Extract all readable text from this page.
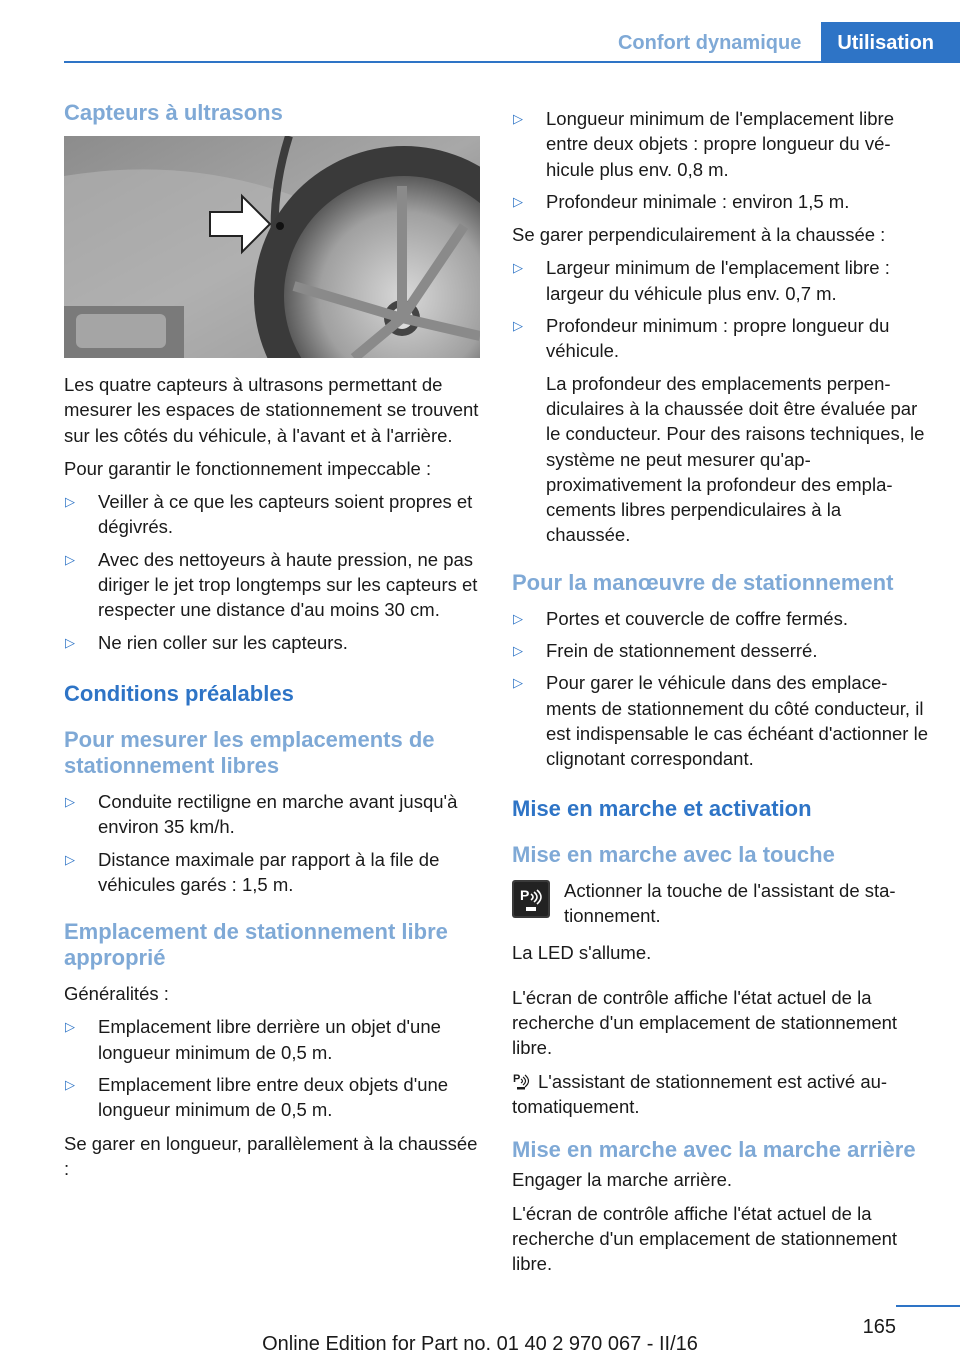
Confort dynamique	Utilisation
Capteurs à ultrasons

Les quatre capteurs à ultrasons permettant de mesurer les espaces de stationnement se trouvent sur les côtés du véhicule, à l'avant et à l'arrière.

Pour garantir le fonctionnement impeccable :

▷ Veiller à ce que les capteurs soient propres et dégivrés.
▷ Avec des nettoyeurs à haute pression, ne pas diriger le jet trop longtemps sur les capteurs et respecter une distance d'au moins 30 cm.
▷ Ne rien coller sur les capteurs.
Conditions préalables
Pour mesurer les emplacements de stationnement libres
▷ Conduite rectiligne en marche avant jusqu'à environ 35 km/h.
▷ Distance maximale par rapport à la file de véhicules garés : 1,5 m.
Emplacement de stationnement libre approprié

Généralités :

▷ Emplacement libre derrière un objet d'une longueur minimum de 0,5 m.
▷ Emplacement libre entre deux objets d'une longueur minimum de 0,5 m.

Se garer en longueur, parallèlement à la chaussée :

▷ Longueur minimum de l'emplacement libre entre deux objets : propre longueur du véhicule plus env. 0,8 m.
▷ Profondeur minimale : environ 1,5 m.

Se garer perpendiculairement à la chaussée :

▷ Largeur minimum de l'emplacement libre : largeur du véhicule plus env. 0,7 m.
▷ Profondeur minimum : propre longueur du véhicule.

La profondeur des emplacements perpendiculaires à la chaussée doit être évaluée par le conducteur. Pour des raisons techniques, le système ne peut mesurer qu'approximativement la profondeur des emplacements libres perpendiculaires à la chaussée.

Pour la manœuvre de stationnement
▷ Portes et couvercle de coffre fermés.
▷ Frein de stationnement desserré.
▷ Pour garer le véhicule dans des emplacements de stationnement du côté conducteur, il est indispensable le cas échéant d'actionner le clignotant correspondant.
Mise en marche et activation
Mise en marche avec la touche
P	Actionner la touche de l'assistant de stationnement.

La LED s'allume.

L'écran de contrôle affiche l'état actuel de la recherche d'un emplacement de stationnement libre.

P L'assistant de stationnement est activé automatiquement.

Mise en marche avec la marche arrière

Engager la marche arrière.

L'écran de contrôle affiche l'état actuel de la recherche d'un emplacement de stationnement libre.

165
Online Edition for Part no. 01 40 2 970 067 - II/16
